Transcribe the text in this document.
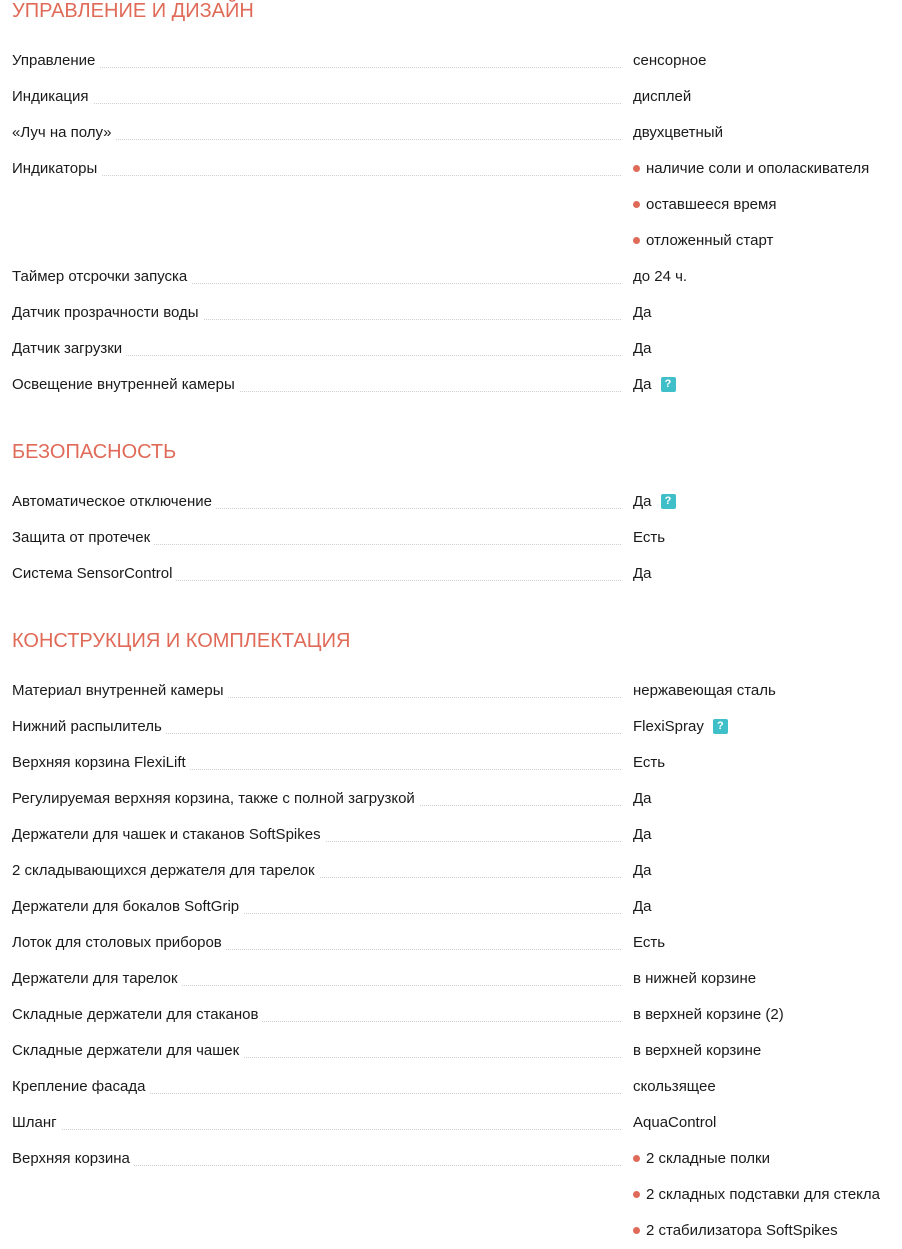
УПРАВЛЕНИЕ И ДИЗАЙН
Управление	сенсорное
Индикация	дисплей
«Луч на полу»	двухцветный
Индикаторы	наличие соли и ополаскивателя
оставшееся время
отложенный старт
Таймер отсрочки запуска	до 24 ч.
Датчик прозрачности воды	Да
Датчик загрузки	Да
Освещение внутренней камеры	Да ?
БЕЗОПАСНОСТЬ
Автоматическое отключение	Да ?
Защита от протечек	Есть
Система SensorControl	Да
КОНСТРУКЦИЯ И КОМПЛЕКТАЦИЯ
Материал внутренней камеры	нержавеющая сталь
Нижний распылитель	FlexiSpray ?
Верхняя корзина FlexiLift	Есть
Регулируемая верхняя корзина, также с полной загрузкой	Да
Держатели для чашек и стаканов SoftSpikes	Да
2 складывающихся держателя для тарелок	Да
Держатели для бокалов SoftGrip	Да
Лоток для столовых приборов	Есть
Держатели для тарелок	в нижней корзине
Складные держатели для стаканов	в верхней корзине (2)
Складные держатели для чашек	в верхней корзине
Крепление фасада	скользящее
Шланг	AquaControl
Верхняя корзина	2 складные полки
2 складных подставки для стекла
2 стабилизатора SoftSpikes
